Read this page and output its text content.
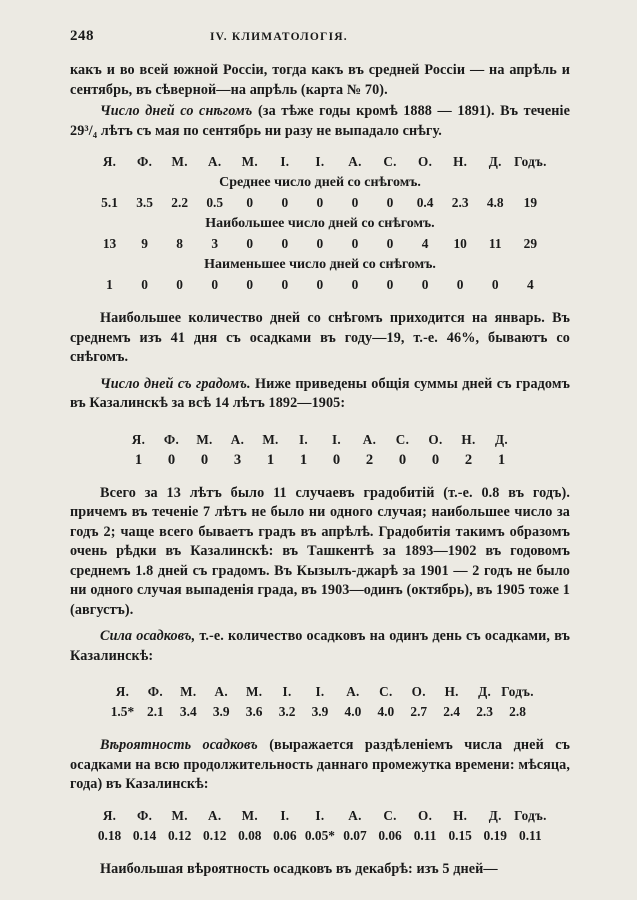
248	IV. КЛИМАТОЛОГІЯ.

какъ и во всей южной Россіи, тогда какъ въ средней Россіи — на апрѣль и сентябрь, въ сѣверной—на апрѣль (карта № 70).

Число дней со снѣгомъ (за тѣже годы кромѣ 1888 — 1891). Въ теченіе 29³/₄ лѣтъ съ мая по сентябрь ни разу не выпадало снѣгу.

Я.	Ф.	М.	А.	М.	I.	I.	А.	С.	О.	Н.	Д.	Годъ.
Среднее число дней со снѣгомъ.
5.1	3.5	2.2	0.5	0	0	0	0	0	0.4	2.3	4.8	19
Наибольшее число дней со снѣгомъ.
13	9	8	3	0	0	0	0	0	4	10	11	29
Наименьшее число дней со снѣгомъ.
1	0	0	0	0	0	0	0	0	0	0	0	4

Наибольшее количество дней со снѣгомъ приходится на январь. Въ среднемъ изъ 41 дня съ осадками въ году—19, т.-е. 46%, бываютъ со снѣгомъ.

Число дней съ градомъ. Ниже приведены общія суммы дней съ градомъ въ Казалинскѣ за всѣ 14 лѣтъ 1892—1905:

Я.	Ф.	М.	А.	М.	I.	I.	А.	С.	О.	Н.	Д.
1	0	0	3	1	1	0	2	0	0	2	1

Всего за 13 лѣтъ было 11 случаевъ градобитій (т.-е. 0.8 въ годъ). причемъ въ теченіе 7 лѣтъ не было ни одного случая; наибольшее число за годъ 2; чаще всего бываетъ градъ въ апрѣлѣ. Градобитія такимъ образомъ очень рѣдки въ Казалинскѣ: въ Ташкентѣ за 1893—1902 въ годовомъ среднемъ 1.8 дней съ градомъ. Въ Кызылъ-джарѣ за 1901 — 2 годъ не было ни одного случая выпаденія града, въ 1903—одинъ (октябрь), въ 1905 тоже 1 (августъ).

Сила осадковъ, т.-е. количество осадковъ на одинъ день съ осадками, въ Казалинскѣ:

Я.	Ф.	М.	А.	М.	I.	I.	А.	С.	О.	Н.	Д.	Годъ.
1.5*	2.1	3.4	3.9	3.6	3.2	3.9	4.0	4.0	2.7	2.4	2.3	2.8

Вѣроятность осадковъ (выражается раздѣленіемъ числа дней съ осадками на всю продолжительность даннаго промежутка времени: мѣсяца, года) въ Казалинскѣ:

Я.	Ф.	М.	А.	М.	I.	I.	А.	С.	О.	Н.	Д.	Годъ.
0.18	0.14	0.12	0.12	0.08	0.06	0.05*	0.07	0.06	0.11	0.15	0.19	0.11

Наибольшая вѣроятность осадковъ въ декабрѣ: изъ 5 дней—
